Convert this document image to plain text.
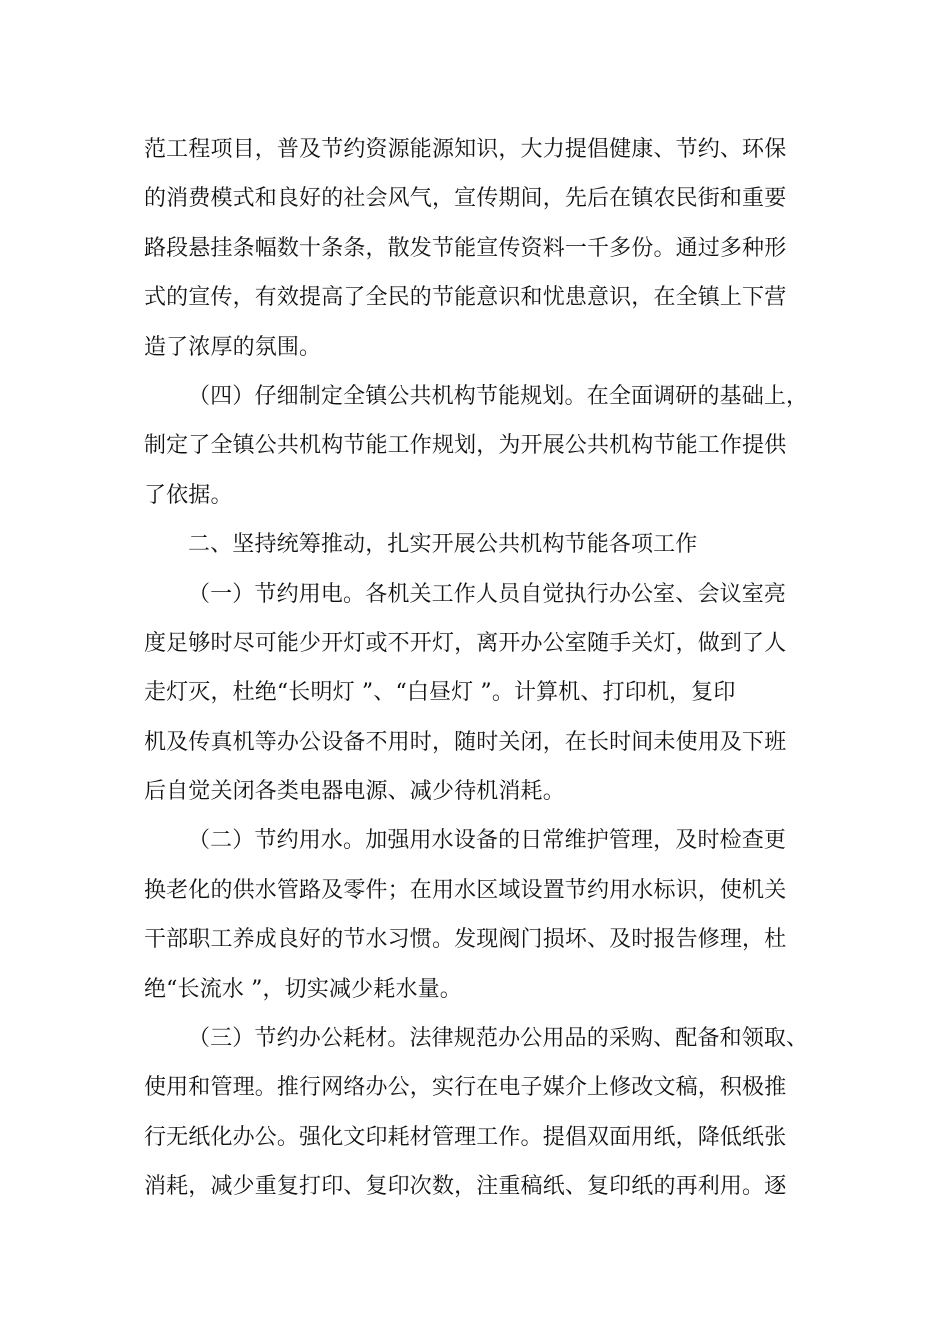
范工程项目，普及节约资源能源知识，大力提倡健康、节约、环保
的消费模式和良好的社会风气，宣传期间，先后在镇农民街和重要
路段悬挂条幅数十条条，散发节能宣传资料一千多份。通过多种形
式的宣传，有效提高了全民的节能意识和忧患意识，在全镇上下营
造了浓厚的氛围。
（四）仔细制定全镇公共机构节能规划。在全面调研的基础上，
制定了全镇公共机构节能工作规划，为开展公共机构节能工作提供
了依据。
二、坚持统筹推动，扎实开展公共机构节能各项工作
（一）节约用电。各机关工作人员自觉执行办公室、会议室亮
度足够时尽可能少开灯或不开灯，离开办公室随手关灯，做到了人
走灯灭，杜绝“长明灯 ”、“白昼灯 ”。计算机、打印机，复印
机及传真机等办公设备不用时，随时关闭，在长时间未使用及下班
后自觉关闭各类电器电源、减少待机消耗。
（二）节约用水。加强用水设备的日常维护管理，及时检查更
换老化的供水管路及零件；在用水区域设置节约用水标识，使机关
干部职工养成良好的节水习惯。发现阀门损坏、及时报告修理，杜
绝“长流水 ”，切实减少耗水量。
（三）节约办公耗材。法律规范办公用品的采购、配备和领取、
使用和管理。推行网络办公，实行在电子媒介上修改文稿，积极推
行无纸化办公。强化文印耗材管理工作。提倡双面用纸，降低纸张
消耗，减少重复打印、复印次数，注重稿纸、复印纸的再利用。逐
